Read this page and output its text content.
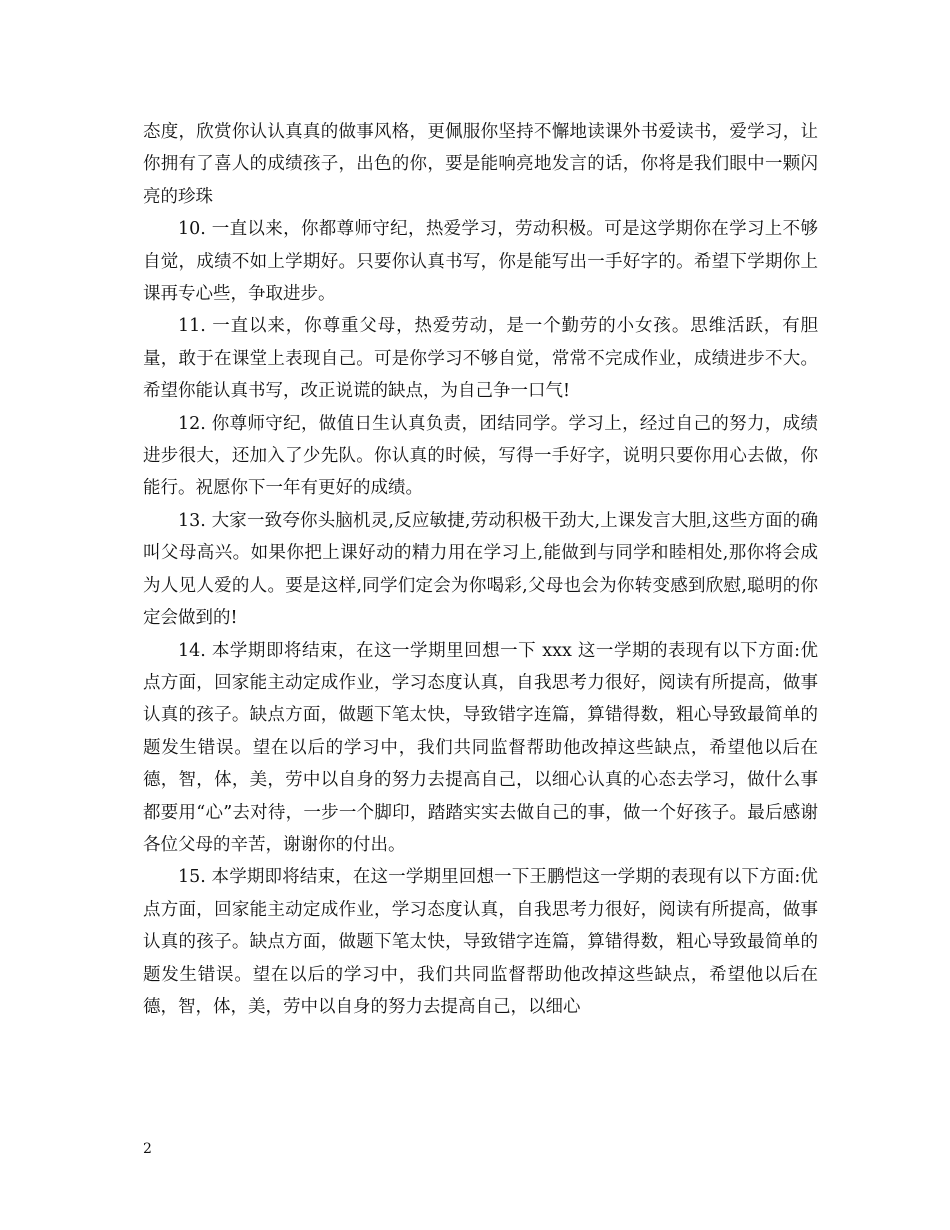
态度，欣赏你认认真真的做事风格，更佩服你坚持不懈地读课外书爱读书，爱学习，让你拥有了喜人的成绩孩子，出色的你，要是能响亮地发言的话，你将是我们眼中一颗闪亮的珍珠

10. 一直以来，你都尊师守纪，热爱学习，劳动积极。可是这学期你在学习上不够自觉，成绩不如上学期好。只要你认真书写，你是能写出一手好字的。希望下学期你上课再专心些，争取进步。

11. 一直以来，你尊重父母，热爱劳动，是一个勤劳的小女孩。思维活跃，有胆量，敢于在课堂上表现自己。可是你学习不够自觉，常常不完成作业，成绩进步不大。希望你能认真书写，改正说谎的缺点，为自己争一口气!

12. 你尊师守纪，做值日生认真负责，团结同学。学习上，经过自己的努力，成绩进步很大，还加入了少先队。你认真的时候，写得一手好字，说明只要你用心去做，你能行。祝愿你下一年有更好的成绩。

13. 大家一致夸你头脑机灵,反应敏捷,劳动积极干劲大,上课发言大胆,这些方面的确叫父母高兴。如果你把上课好动的精力用在学习上,能做到与同学和睦相处,那你将会成为人见人爱的人。要是这样,同学们定会为你喝彩,父母也会为你转变感到欣慰,聪明的你定会做到的!

14. 本学期即将结束，在这一学期里回想一下 xxx 这一学期的表现有以下方面:优点方面，回家能主动定成作业，学习态度认真，自我思考力很好，阅读有所提高，做事认真的孩子。缺点方面，做题下笔太快，导致错字连篇，算错得数，粗心导致最简单的题发生错误。望在以后的学习中，我们共同监督帮助他改掉这些缺点，希望他以后在德，智，体，美，劳中以自身的努力去提高自己，以细心认真的心态去学习，做什么事都要用“心”去对待，一步一个脚印，踏踏实实去做自己的事，做一个好孩子。最后感谢各位父母的辛苦，谢谢你的付出。

15. 本学期即将结束，在这一学期里回想一下王鹏恺这一学期的表现有以下方面:优点方面，回家能主动定成作业，学习态度认真，自我思考力很好，阅读有所提高，做事认真的孩子。缺点方面，做题下笔太快，导致错字连篇，算错得数，粗心导致最简单的题发生错误。望在以后的学习中，我们共同监督帮助他改掉这些缺点，希望他以后在德，智，体，美，劳中以自身的努力去提高自己，以细心

2
